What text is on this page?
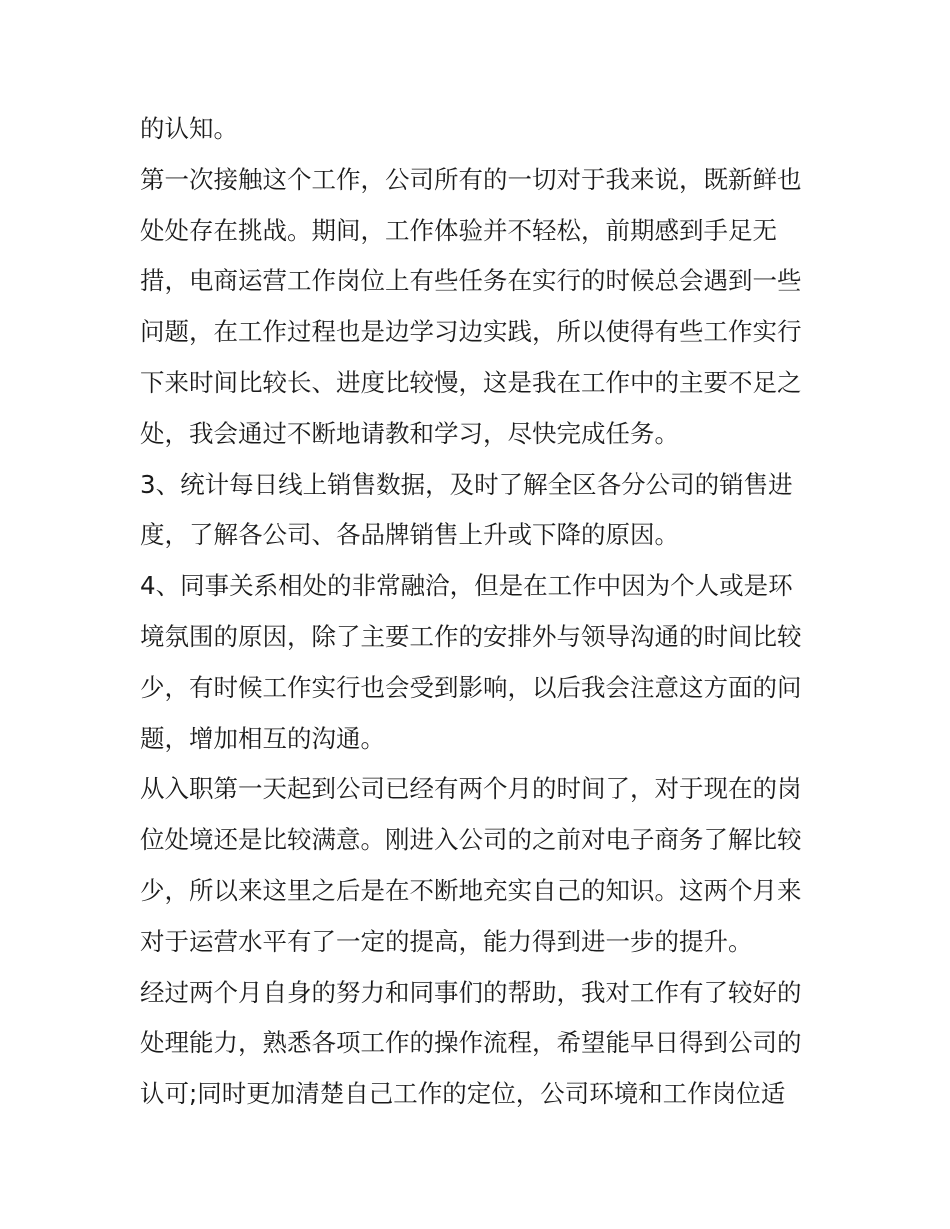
的认知。
第一次接触这个工作，公司所有的一切对于我来说，既新鲜也
处处存在挑战。期间，工作体验并不轻松，前期感到手足无
措，电商运营工作岗位上有些任务在实行的时候总会遇到一些
问题，在工作过程也是边学习边实践，所以使得有些工作实行
下来时间比较长、进度比较慢，这是我在工作中的主要不足之
处，我会通过不断地请教和学习，尽快完成任务。
3、统计每日线上销售数据，及时了解全区各分公司的销售进
度，了解各公司、各品牌销售上升或下降的原因。
4、同事关系相处的非常融洽，但是在工作中因为个人或是环
境氛围的原因，除了主要工作的安排外与领导沟通的时间比较
少，有时候工作实行也会受到影响，以后我会注意这方面的问
题，增加相互的沟通。
从入职第一天起到公司已经有两个月的时间了，对于现在的岗
位处境还是比较满意。刚进入公司的之前对电子商务了解比较
少，所以来这里之后是在不断地充实自己的知识。这两个月来
对于运营水平有了一定的提高，能力得到进一步的提升。
经过两个月自身的努力和同事们的帮助，我对工作有了较好的
处理能力，熟悉各项工作的操作流程，希望能早日得到公司的
认可;同时更加清楚自己工作的定位，公司环境和工作岗位适
